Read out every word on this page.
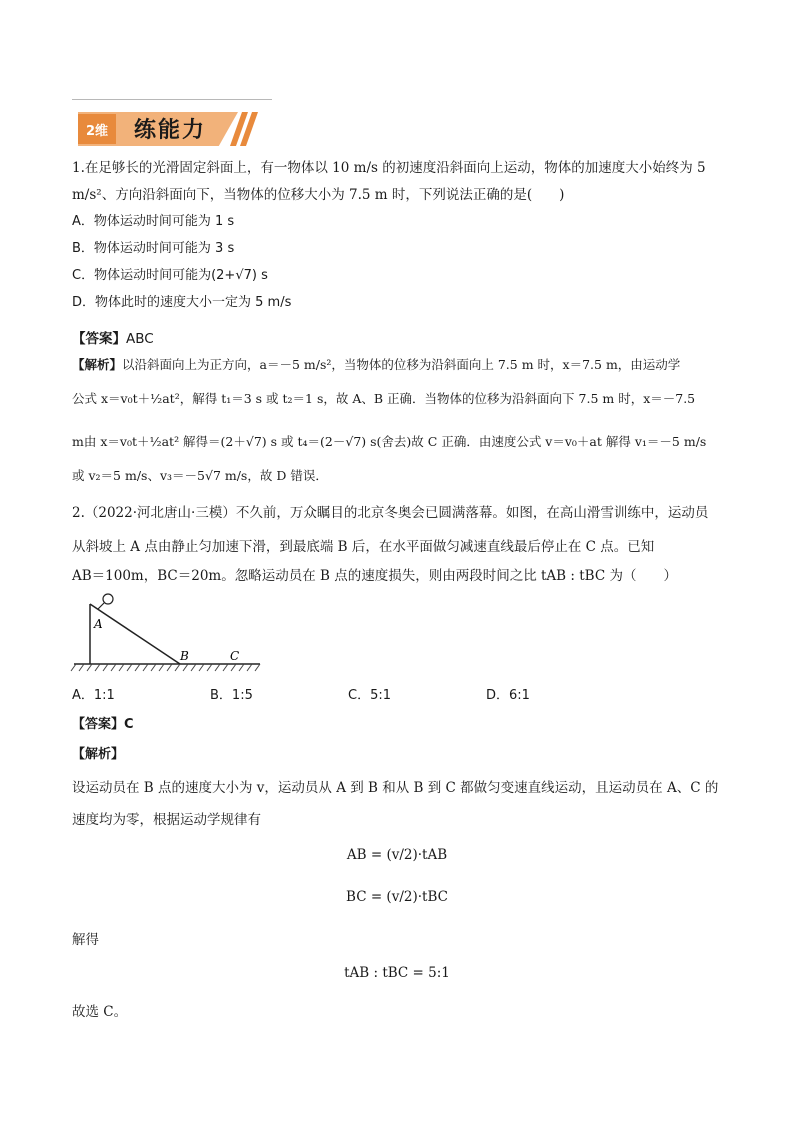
2维	练能力
1.在足够长的光滑固定斜面上，有一物体以 10 m/s 的初速度沿斜面向上运动，物体的加速度大小始终为 5
m/s²、方向沿斜面向下，当物体的位移大小为 7.5 m 时，下列说法正确的是(　　)
A．物体运动时间可能为 1 s
B．物体运动时间可能为 3 s
C．物体运动时间可能为(2+√7) s
D．物体此时的速度大小一定为 5 m/s
【答案】ABC
【解析】以沿斜面向上为正方向，a＝－5 m/s²，当物体的位移为沿斜面向上 7.5 m 时，x＝7.5 m，由运动学
公式 x＝v₀t＋½at²，解得 t₁＝3 s 或 t₂＝1 s，故 A、B 正确．当物体的位移为沿斜面向下 7.5 m 时，x＝－7.5
m由 x＝v₀t＋½at² 解得＝(2＋√7) s 或 t₄＝(2－√7) s(舍去)故 C 正确．由速度公式 v＝v₀＋at 解得 v₁＝－5 m/s
或 v₂＝5 m/s、v₃＝－5√7 m/s，故 D 错误．
2.（2022·河北唐山·三模）不久前，万众瞩目的北京冬奥会已圆满落幕。如图，在高山滑雪训练中，运动员
从斜坡上 A 点由静止匀加速下滑，到最底端 B 后，在水平面做匀减速直线最后停止在 C 点。已知
AB＝100m，BC＝20m。忽略运动员在 B 点的速度损失，则由两段时间之比 tAB : tBC 为（　　）
A
B	C
A．1:1	B．1:5	C．5:1	D．6:1
【答案】C
【解析】
设运动员在 B 点的速度大小为 v，运动员从 A 到 B 和从 B 到 C 都做匀变速直线运动，且运动员在 A、C 的
速度均为零，根据运动学规律有
AB = (v/2)·tAB
BC = (v/2)·tBC
解得
tAB : tBC = 5:1
故选 C。
